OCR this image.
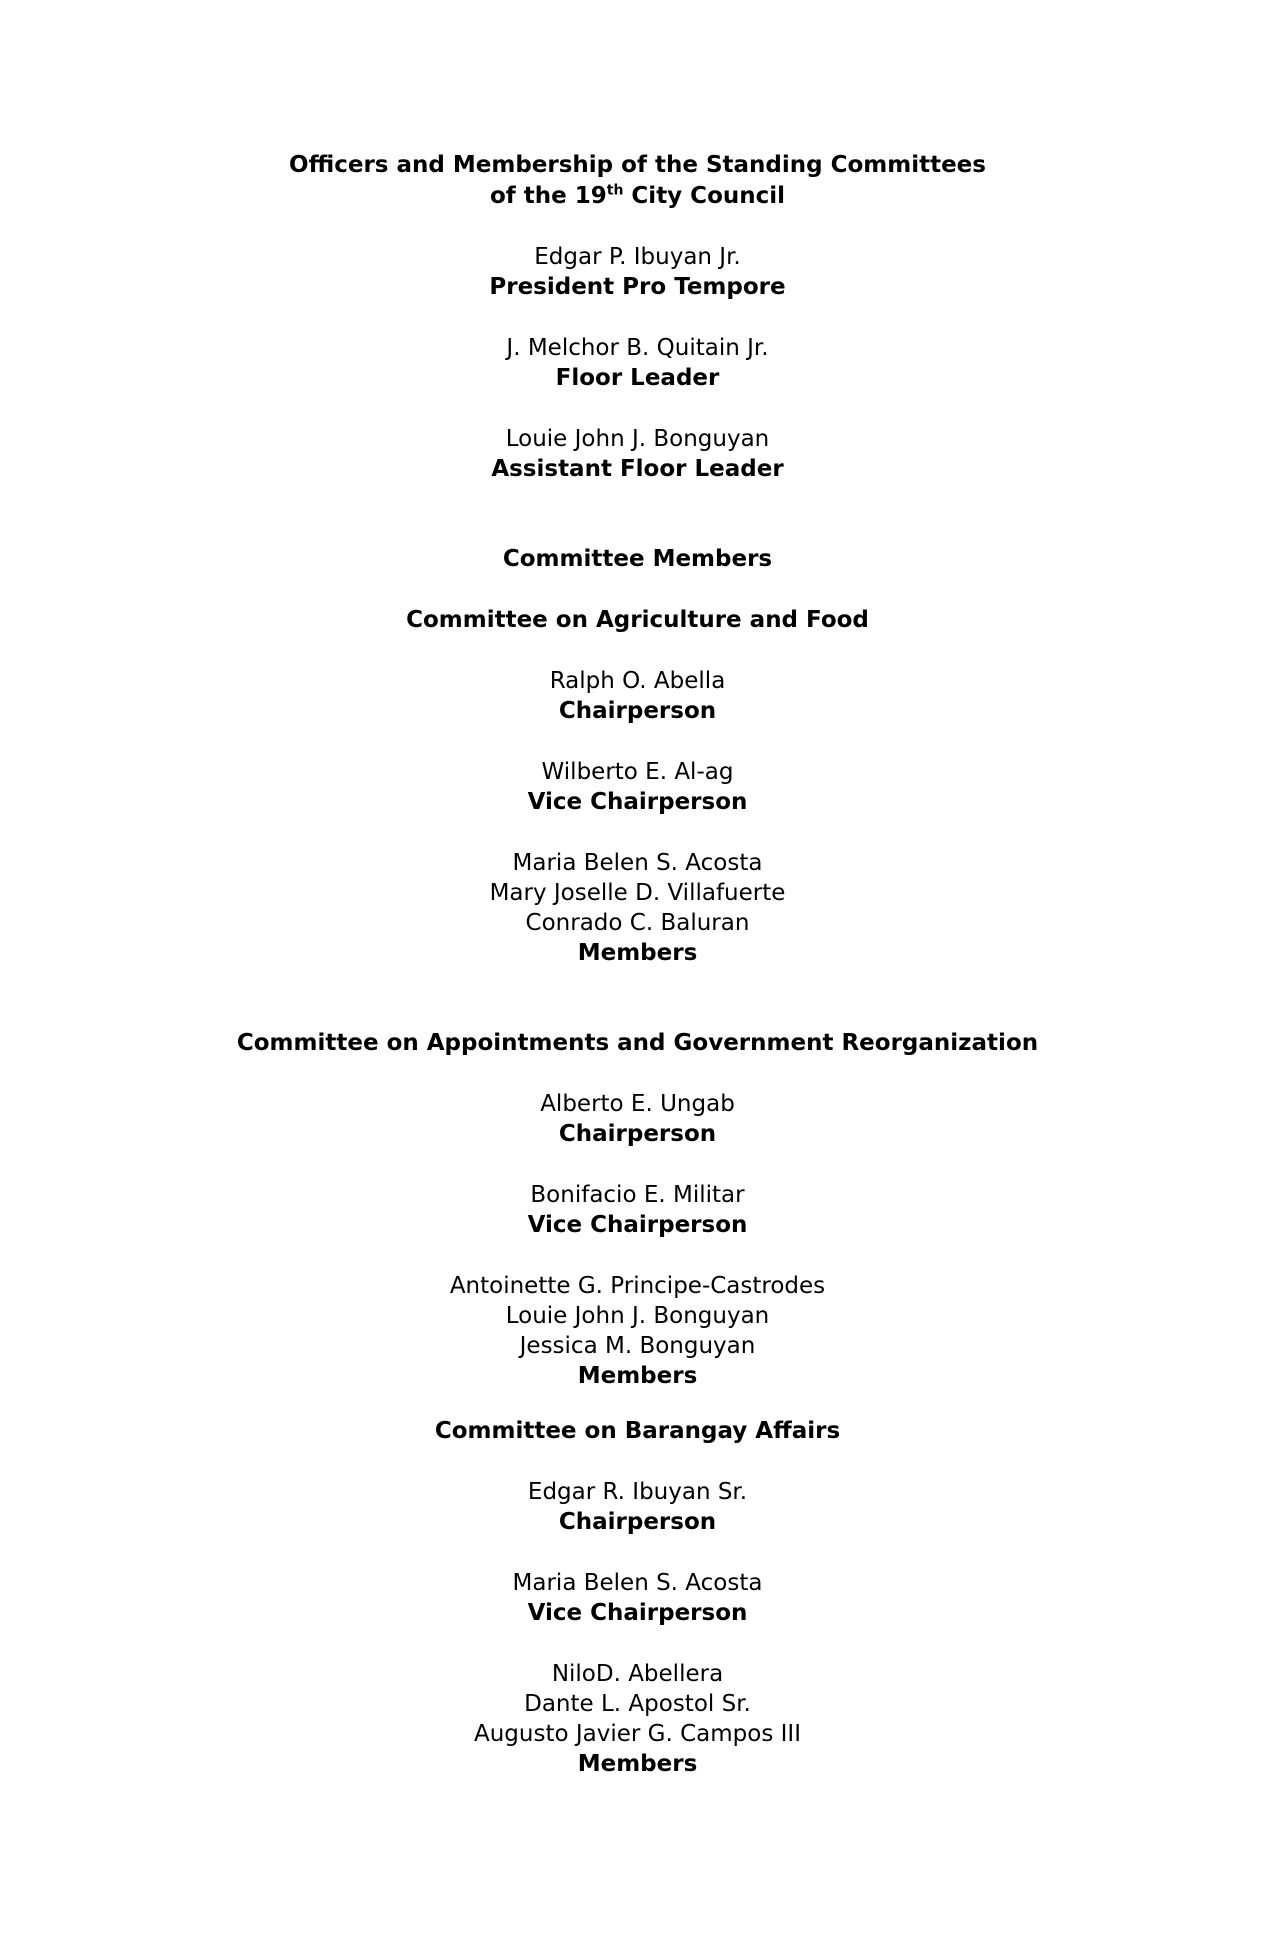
Officers and Membership of the Standing Committees
of the 19th City Council
Edgar P. Ibuyan Jr.
President Pro Tempore
J. Melchor B. Quitain Jr.
Floor Leader
Louie John J. Bonguyan
Assistant Floor Leader
Committee Members
Committee on Agriculture and Food
Ralph O. Abella
Chairperson
Wilberto E. Al-ag
Vice Chairperson
Maria Belen S. Acosta
Mary Joselle D. Villafuerte
Conrado C. Baluran
Members
Committee on Appointments and Government Reorganization
Alberto E. Ungab
Chairperson
Bonifacio E. Militar
Vice Chairperson
Antoinette G. Principe-Castrodes
Louie John J. Bonguyan
Jessica M. Bonguyan
Members
Committee on Barangay Affairs
Edgar R. Ibuyan Sr.
Chairperson
Maria Belen S. Acosta
Vice Chairperson
NiloD. Abellera
Dante L. Apostol Sr.
Augusto Javier G. Campos III
Members
